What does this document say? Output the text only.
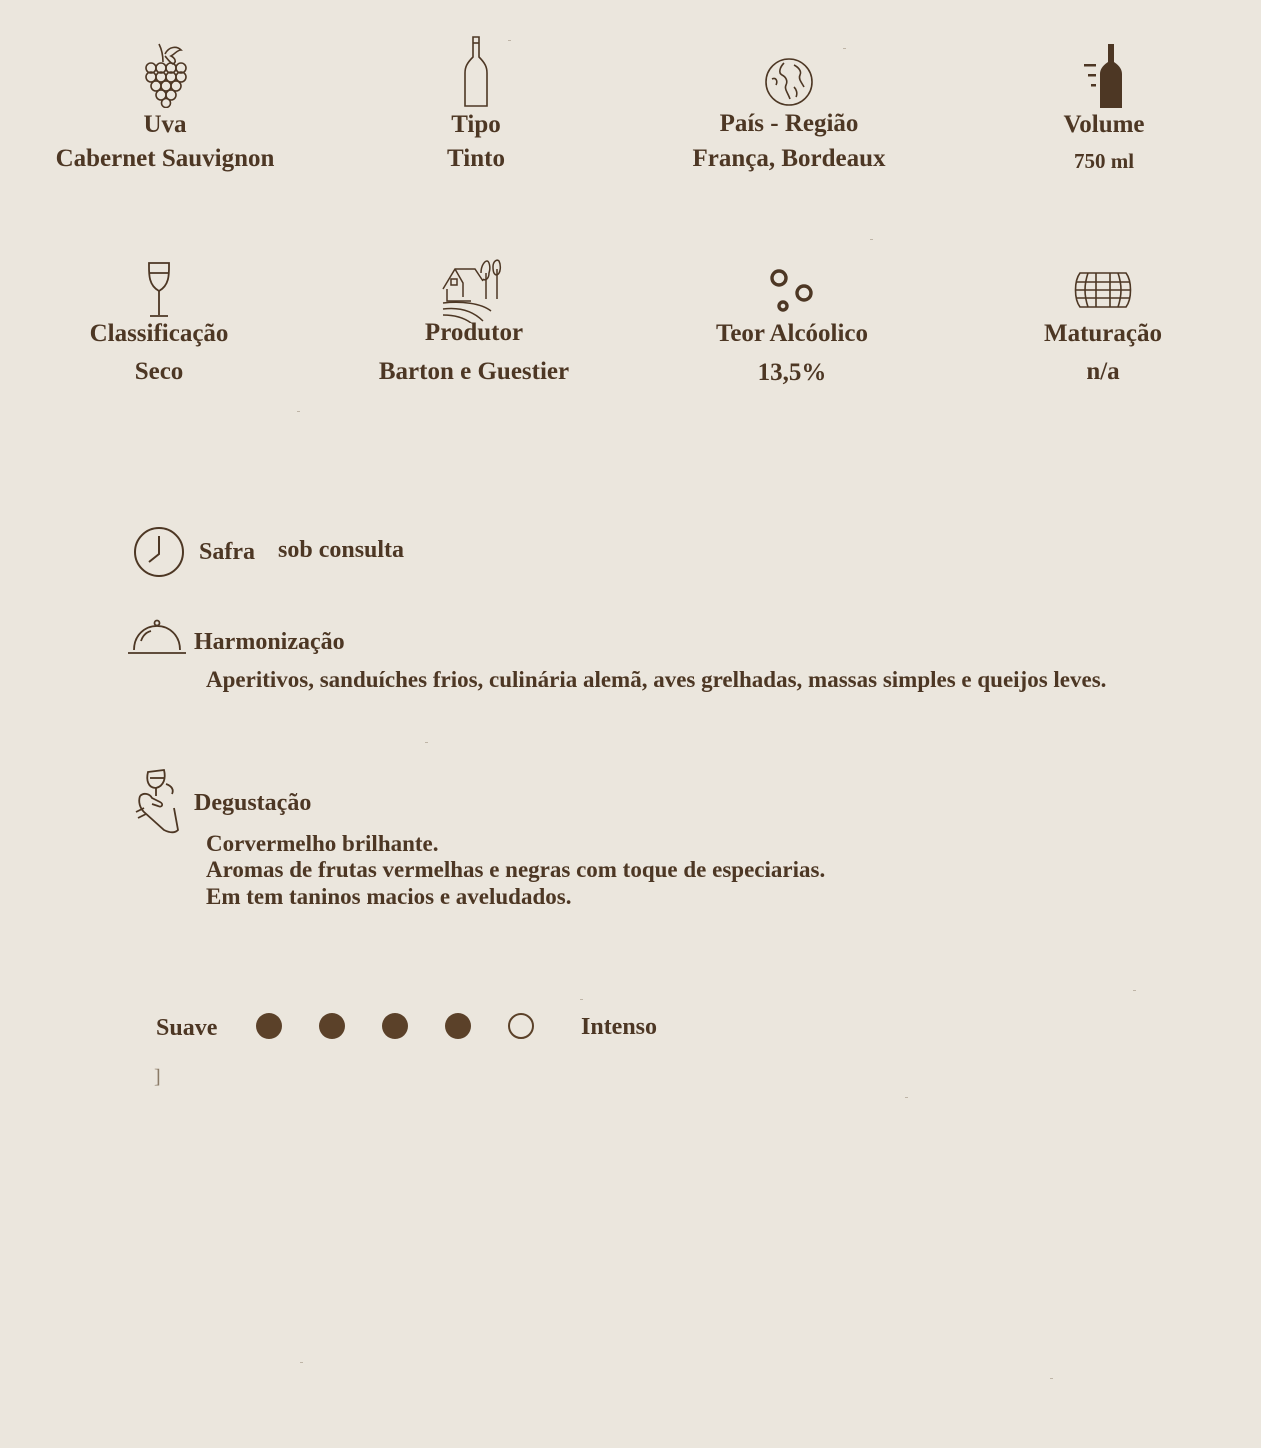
Uva
Cabernet Sauvignon
Tipo
Tinto
País - Região
França, Bordeaux
Volume
750 ml
Classificação
Seco
Produtor
Barton e Guestier
Teor Alcóolico
13,5%
Maturação
n/a
Safra sob consulta
Harmonização
Aperitivos, sanduíches frios, culinária alemã, aves grelhadas, massas simples e queijos leves.
Degustação
Corvermelho brilhante.
Aromas de frutas vermelhas e negras com toque de especiarias.
Em tem taninos macios e aveludados.
Suave	Intenso
]
